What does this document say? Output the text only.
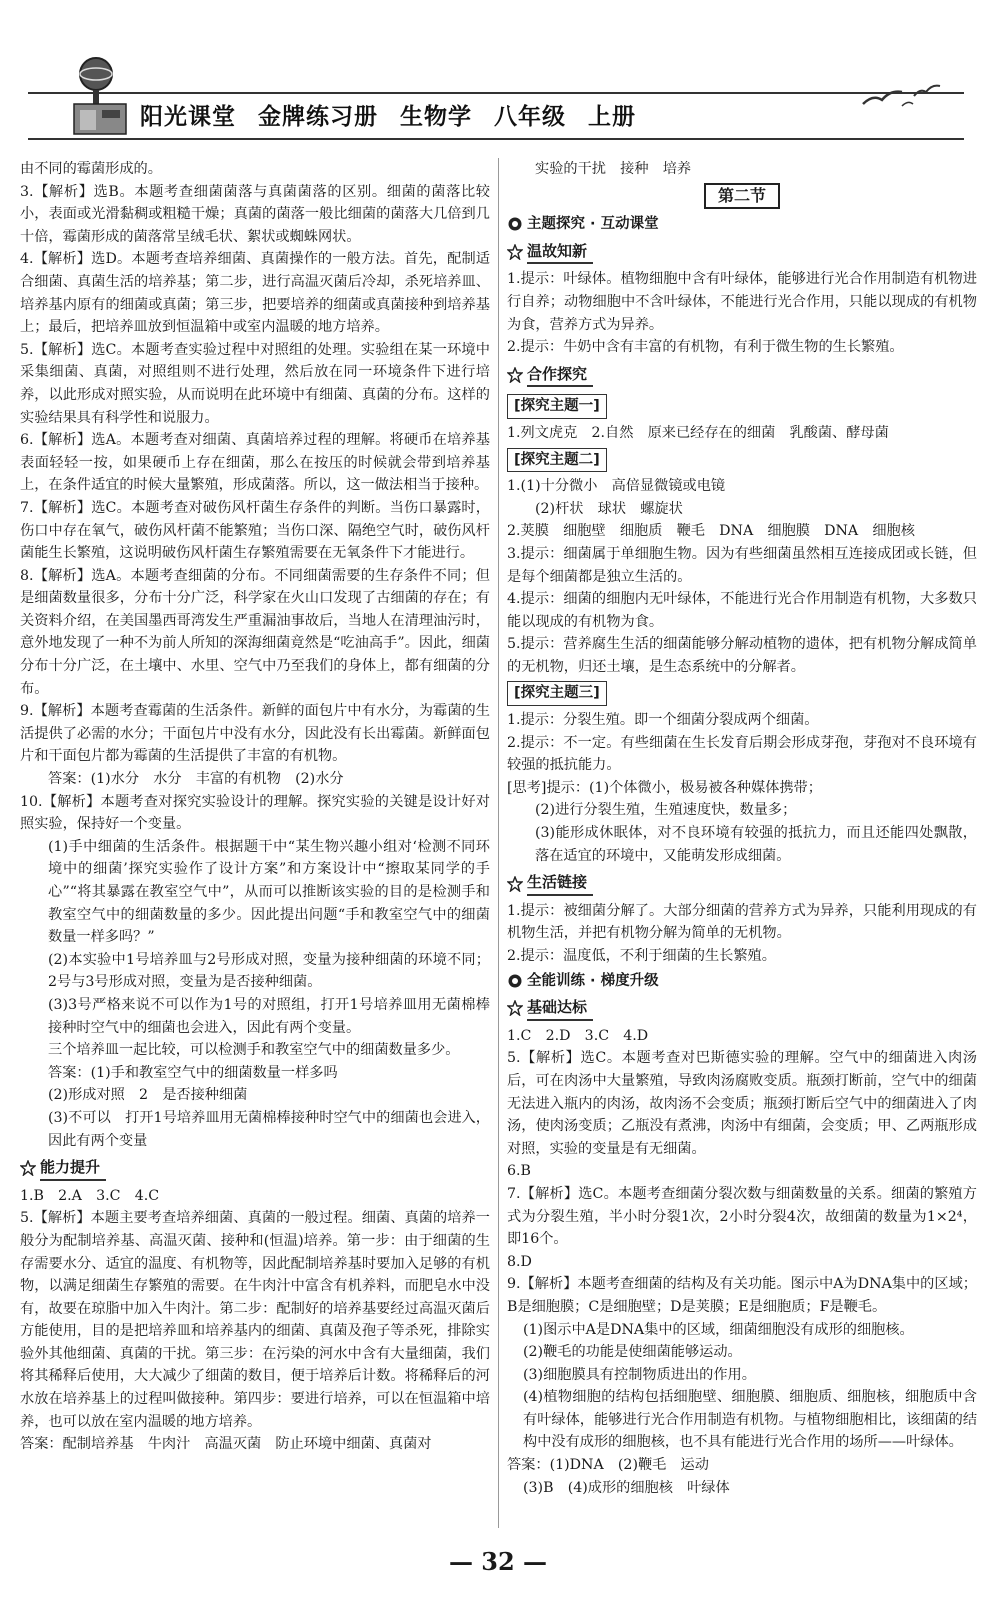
阳光课堂 金牌练习册 生物学 八年级 上册

由不同的霉菌形成的。

3.【解析】选B。本题考查细菌菌落与真菌菌落的区别。细菌的菌落比较小，表面或光滑黏稠或粗糙干燥；真菌的菌落一般比细菌的菌落大几倍到几十倍，霉菌形成的菌落常呈绒毛状、絮状或蜘蛛网状。

4.【解析】选D。本题考查培养细菌、真菌操作的一般方法。首先，配制适合细菌、真菌生活的培养基；第二步，进行高温灭菌后冷却，杀死培养皿、培养基内原有的细菌或真菌；第三步，把要培养的细菌或真菌接种到培养基上；最后，把培养皿放到恒温箱中或室内温暖的地方培养。

5.【解析】选C。本题考查实验过程中对照组的处理。实验组在某一环境中采集细菌、真菌，对照组则不进行处理，然后放在同一环境条件下进行培养，以此形成对照实验，从而说明在此环境中有细菌、真菌的分布。这样的实验结果具有科学性和说服力。

6.【解析】选A。本题考查对细菌、真菌培养过程的理解。将硬币在培养基表面轻轻一按，如果硬币上存在细菌，那么在按压的时候就会带到培养基上，在条件适宜的时候大量繁殖，形成菌落。所以，这一做法相当于接种。

7.【解析】选C。本题考查对破伤风杆菌生存条件的判断。当伤口暴露时，伤口中存在氧气，破伤风杆菌不能繁殖；当伤口深、隔绝空气时，破伤风杆菌能生长繁殖，这说明破伤风杆菌生存繁殖需要在无氧条件下才能进行。

8.【解析】选A。本题考查细菌的分布。不同细菌需要的生存条件不同；但是细菌数量很多，分布十分广泛，科学家在火山口发现了古细菌的存在；有关资料介绍，在美国墨西哥湾发生严重漏油事故后，当地人在清理油污时，意外地发现了一种不为前人所知的深海细菌竟然是“吃油高手”。因此，细菌分布十分广泛，在土壤中、水里、空气中乃至我们的身体上，都有细菌的分布。

9.【解析】本题考查霉菌的生活条件。新鲜的面包片中有水分，为霉菌的生活提供了必需的水分；干面包片中没有水分，因此没有长出霉菌。新鲜面包片和干面包片都为霉菌的生活提供了丰富的有机物。

答案：(1)水分　水分　丰富的有机物　(2)水分

10.【解析】本题考查对探究实验设计的理解。探究实验的关键是设计好对照实验，保持好一个变量。

(1)手中细菌的生活条件。根据题干中“某生物兴趣小组对‘检测不同环境中的细菌’探究实验作了设计方案”和方案设计中“擦取某同学的手心”“将其暴露在教室空气中”，从而可以推断该实验的目的是检测手和教室空气中的细菌数量的多少。因此提出问题“手和教室空气中的细菌数量一样多吗？”

(2)本实验中1号培养皿与2号形成对照，变量为接种细菌的环境不同；2号与3号形成对照，变量为是否接种细菌。

(3)3号严格来说不可以作为1号的对照组，打开1号培养皿用无菌棉棒接种时空气中的细菌也会进入，因此有两个变量。

三个培养皿一起比较，可以检测手和教室空气中的细菌数量多少。

答案：(1)手和教室空气中的细菌数量一样多吗

(2)形成对照　2　是否接种细菌

(3)不可以　打开1号培养皿用无菌棉棒接种时空气中的细菌也会进入，因此有两个变量

能力提升

1.B　2.A　3.C　4.C

5.【解析】本题主要考查培养细菌、真菌的一般过程。细菌、真菌的培养一般分为配制培养基、高温灭菌、接种和(恒温)培养。第一步：由于细菌的生存需要水分、适宜的温度、有机物等，因此配制培养基时要加入足够的有机物，以满足细菌生存繁殖的需要。在牛肉汁中富含有机养料，而肥皂水中没有，故要在琼脂中加入牛肉汁。第二步：配制好的培养基要经过高温灭菌后方能使用，目的是把培养皿和培养基内的细菌、真菌及孢子等杀死，排除实验外其他细菌、真菌的干扰。第三步：在污染的河水中含有大量细菌，我们将其稀释后使用，大大减少了细菌的数目，便于培养后计数。将稀释后的河水放在培养基上的过程叫做接种。第四步：要进行培养，可以在恒温箱中培养，也可以放在室内温暖的地方培养。

答案：配制培养基　牛肉汁　高温灭菌　防止环境中细菌、真菌对

实验的干扰　接种　培养

第二节
主题探究 · 互动课堂
温故知新

1.提示：叶绿体。植物细胞中含有叶绿体，能够进行光合作用制造有机物进行自养；动物细胞中不含叶绿体，不能进行光合作用，只能以现成的有机物为食，营养方式为异养。

2.提示：牛奶中含有丰富的有机物，有利于微生物的生长繁殖。

合作探究
[探究主题一]

1.列文虎克　2.自然　原来已经存在的细菌　乳酸菌、酵母菌

[探究主题二]

1.(1)十分微小　高倍显微镜或电镜

(2)杆状　球状　螺旋状

2.荚膜　细胞壁　细胞质　鞭毛　DNA　细胞膜　DNA　细胞核

3.提示：细菌属于单细胞生物。因为有些细菌虽然相互连接成团或长链，但是每个细菌都是独立生活的。

4.提示：细菌的细胞内无叶绿体，不能进行光合作用制造有机物，大多数只能以现成的有机物为食。

5.提示：营养腐生生活的细菌能够分解动植物的遗体，把有机物分解成简单的无机物，归还土壤，是生态系统中的分解者。

[探究主题三]

1.提示：分裂生殖。即一个细菌分裂成两个细菌。

2.提示：不一定。有些细菌在生长发育后期会形成芽孢，芽孢对不良环境有较强的抵抗能力。

[思考]提示：(1)个体微小，极易被各种媒体携带；

(2)进行分裂生殖，生殖速度快，数量多；

(3)能形成休眠体，对不良环境有较强的抵抗力，而且还能四处飘散，落在适宜的环境中，又能萌发形成细菌。

生活链接

1.提示：被细菌分解了。大部分细菌的营养方式为异养，只能利用现成的有机物生活，并把有机物分解为简单的无机物。

2.提示：温度低，不利于细菌的生长繁殖。

全能训练 · 梯度升级
基础达标

1.C　2.D　3.C　4.D

5.【解析】选C。本题考查对巴斯德实验的理解。空气中的细菌进入肉汤后，可在肉汤中大量繁殖，导致肉汤腐败变质。瓶颈打断前，空气中的细菌无法进入瓶内的肉汤，故肉汤不会变质；瓶颈打断后空气中的细菌进入了肉汤，使肉汤变质；乙瓶没有煮沸，肉汤中有细菌，会变质；甲、乙两瓶形成对照，实验的变量是有无细菌。

6.B

7.【解析】选C。本题考查细菌分裂次数与细菌数量的关系。细菌的繁殖方式为分裂生殖，半小时分裂1次，2小时分裂4次，故细菌的数量为1×2⁴，即16个。

8.D

9.【解析】本题考查细菌的结构及有关功能。图示中A为DNA集中的区域；B是细胞膜；C是细胞壁；D是荚膜；E是细胞质；F是鞭毛。

(1)图示中A是DNA集中的区域，细菌细胞没有成形的细胞核。

(2)鞭毛的功能是使细菌能够运动。

(3)细胞膜具有控制物质进出的作用。

(4)植物细胞的结构包括细胞壁、细胞膜、细胞质、细胞核，细胞质中含有叶绿体，能够进行光合作用制造有机物。与植物细胞相比，该细菌的结构中没有成形的细胞核，也不具有能进行光合作用的场所——叶绿体。

答案：(1)DNA　(2)鞭毛　运动

(3)B　(4)成形的细胞核　叶绿体

— 32 —
